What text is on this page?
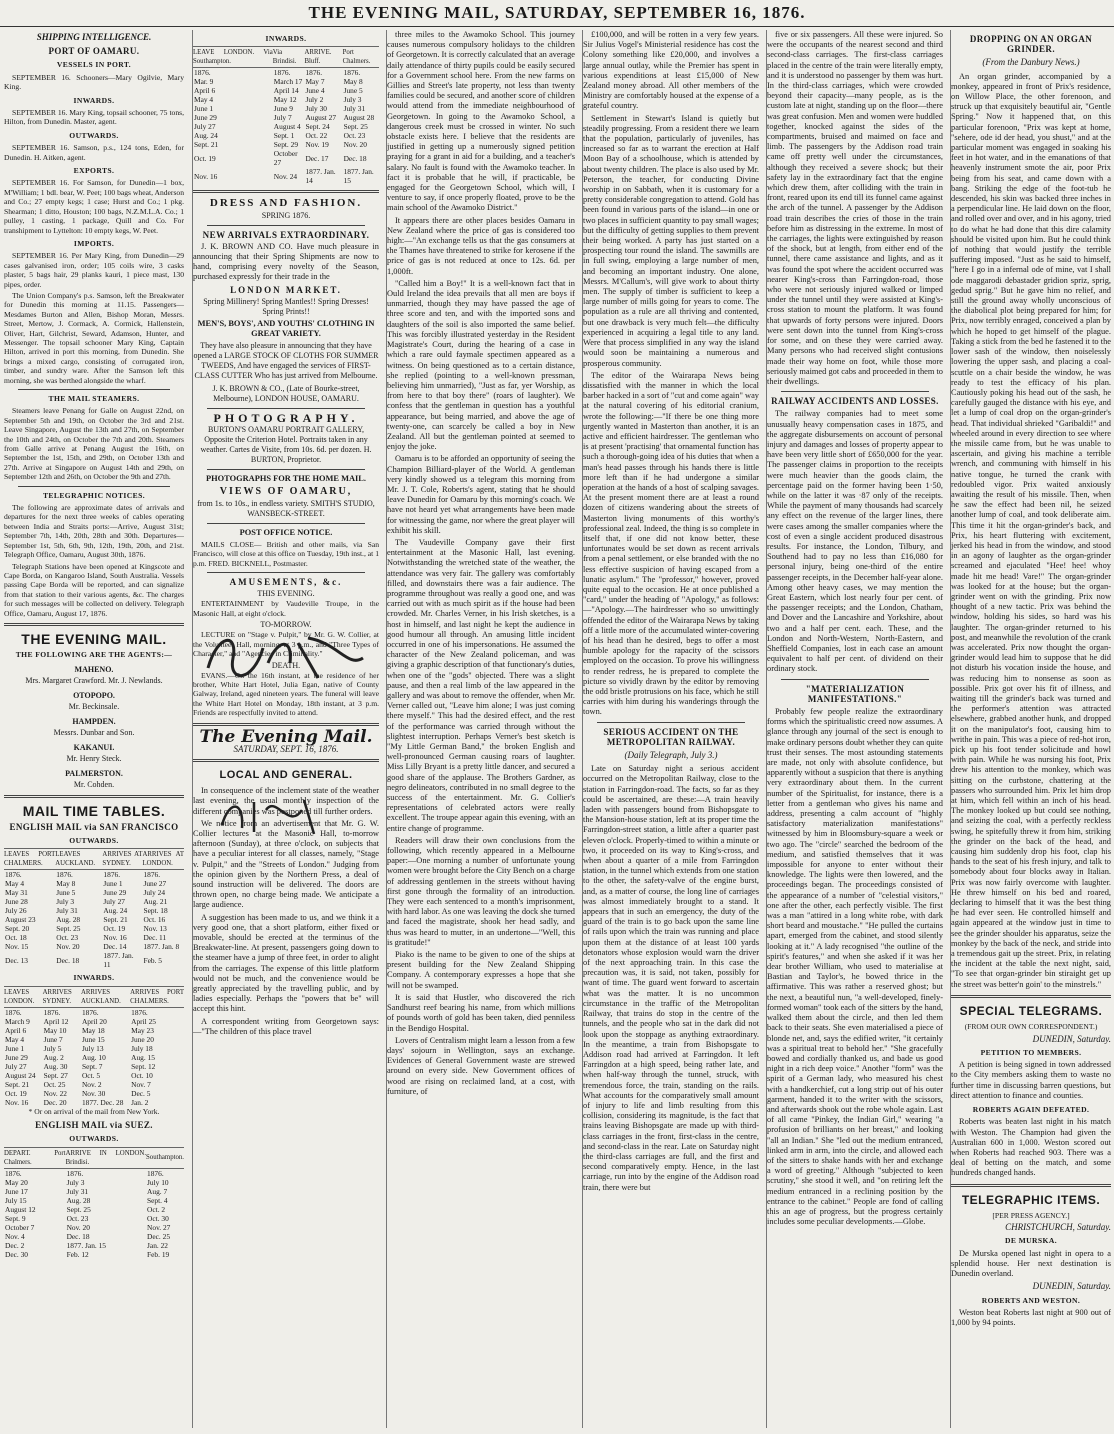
THE EVENING MAIL, SATURDAY, SEPTEMBER 16, 1876.
SHIPPING INTELLIGENCE.
PORT OF OAMARU.
VESSELS IN PORT.

SEPTEMBER 16. Schooners—Mary Ogilvie, Mary King.

INWARDS.

SEPTEMBER 16. Mary King, topsail schooner, 75 tons, Hilton, from Dunedin. Master, agent.

OUTWARDS.

SEPTEMBER 16. Samson, p.s., 124 tons, Eden, for Dunedin. H. Aitken, agent.

EXPORTS.

SEPTEMBER 16. For Samson, for Dunedin—1 box, M'William; 1 bdl. bear, W. Peet; 100 bags wheat, Anderson and Co.; 27 empty kegs; 1 case; Hurst and Co.; 1 pkg. Shearman; 1 ditto, Houston; 100 bags, N.Z.M.L.A. Co.; 1 pulley, 1 casting, 1 package, Quill and Co. For transhipment to Lyttelton: 10 empty kegs, W. Peet.

IMPORTS.

SEPTEMBER 16. Per Mary King, from Dunedin—29 cases galvanised iron, order; 105 coils wire, 3 casks plaster, 5 bags hair, 29 planks kauri, 1 piece mast, 130 pipes, order.

The Union Company's p.s. Samson, left the Breakwater for Dunedin this morning at 11.15. Passengers—Mesdames Burton and Allen, Bishop Moran, Messrs. Street, Mertow, J. Cormack, A. Cormick, Hallenstein, Oliver, Hart, Gilchrist, Seward, Adamson, Hunter, and Messenger. The topsail schooner Mary King, Captain Hilton, arrived in port this morning, from Dunedin. She brings a mixed cargo, consisting of corrugated iron, timber, and sundry ware. After the Samson left this morning, she was berthed alongside the wharf.

THE MAIL STEAMERS.

Steamers leave Penang for Galle on August 22nd, on September 5th and 19th, on October the 3rd and 21st. Leave Singapore, August the 13th and 27th, on September the 10th and 24th, on October the 7th and 20th. Steamers from Galle arrive at Penang August the 16th, on September the 1st, 15th, and 29th, on October 13th and 27th. Arrive at Singapore on August 14th and 29th, on September 12th and 26th, on October the 9th and 27th.

TELEGRAPHIC NOTICES.

The following are approximate dates of arrivals and departures for the next three weeks of cables operating between India and Straits ports:—Arrive, August 31st; September 7th, 14th, 20th, 28th and 30th. Departures—September 1st, 5th, 6th, 9th, 12th, 19th, 20th, and 21st. Telegraph Office, Oamaru, August 30th, 1876.

Telegraph Stations have been opened at Kingscote and Cape Borda, on Kangaroo Island, South Australia. Vessels passing Cape Borda will be reported, and can signalize from that station to their various agents, &c. The charges for such messages will be collected on delivery. Telegraph Office, Oamaru, August 17, 1876.

THE EVENING MAIL.
THE FOLLOWING ARE THE AGENTS:—
MAHENO.
Mrs. Margaret Crawford. Mr. J. Newlands.
OTOPOPO.
Mr. Beckinsale.
HAMPDEN.
Messrs. Dunbar and Son.
KAKANUI.
Mr. Henry Steck.
PALMERSTON.
Mr. Cohden.
MAIL TIME TABLES.
ENGLISH MAIL via SAN FRANCISCO
OUTWARDS.
LEAVES PORT CHALMERS.	LEAVES AUCKLAND.	ARRIVES AT SYDNEY.	ARRIVES AT LONDON.
1876.	1876.	1876.	1876.
May 4	May 8	June 1	June 27
May 31	June 5	June 29	July 24
June 28	July 3	July 27	Aug. 21
July 26	July 31	Aug. 24	Sept. 18
August 23	Aug. 28	Sept. 21	Oct. 16
Sept. 20	Sept. 25	Oct. 19	Nov. 13
Oct. 18	Oct. 23	Nov. 16	Dec. 11
Nov. 15	Nov. 20	Dec. 14	1877. Jan. 8
Dec. 13	Dec. 18	1877. Jan. 11	Feb. 5
INWARDS.
LEAVES LONDON.	ARRIVES SYDNEY.	ARRIVES AUCKLAND.	ARRIVES PORT CHALMERS.
1876.	1876.	1876.	1876.
March 9	April 12	April 20	April 25
April 6	May 10	May 18	May 23
May 4	June 7	June 15	June 20
June 1	July 5	July 13	July 18
June 29	Aug. 2	Aug. 10	Aug. 15
July 27	Aug. 30	Sept. 7	Sept. 12
August 24	Sept. 27	Oct. 5	Oct. 10
Sept. 21	Oct. 25	Nov. 2	Nov. 7
Oct. 19	Nov. 22	Nov. 30	Dec. 5
Nov. 16	Dec. 20	1877. Dec. 28	Jan. 2
* Or on arrival of the mail from New York.
ENGLISH MAIL via SUEZ.
OUTWARDS.
DEPART. Port Chalmers.	ARRIVE IN LONDON. Brindisi.	Southampton.
1876.	1876.	1876.
May 20	July 3	July 10
June 17	July 31	Aug. 7
July 15	Aug. 28	Sept. 4
August 12	Sept. 25	Oct. 2
Sept. 9	Oct. 23	Oct. 30
October 7	Nov. 20	Nov. 27
Nov. 4	Dec. 18	Dec. 25
Dec. 2	1877. Jan. 15	Jan. 22
Dec. 30	Feb. 12	Feb. 19
INWARDS.
LEAVE LONDON. Via Southampton.	Via Brindisi.	ARRIVE. Bluff.	Port Chalmers.
1876.	1876.	1876.	1876.
Mar. 9	March 17	May 7	May 8
April 6	April 14	June 4	June 5
May 4	May 12	July 2	July 3
June 1	June 9	July 30	July 31
June 29	July 7	August 27	August 28
July 27	August 4	Sept. 24	Sept. 25
Aug. 24	Sept. 1	Oct. 22	Oct. 23
Sept. 21	Sept. 29	Nov. 19	Nov. 20
Oct. 19	October 27	Dec. 17	Dec. 18
Nov. 16	Nov. 24	1877. Jan. 14	1877. Jan. 15
DRESS AND FASHION.
SPRING 1876.
NEW ARRIVALS EXTRAORDINARY.

J. K. BROWN AND CO. Have much pleasure in announcing that their Spring Shipments are now to hand, comprising every novelty of the Season, purchased expressly for their trade in the

LONDON MARKET.
Spring Millinery! Spring Mantles!! Spring Dresses! Spring Prints!!
MEN'S, BOYS', AND YOUTHS' CLOTHING IN GREAT VARIETY.
They have also pleasure in announcing that they have opened a LARGE STOCK OF CLOTHS FOR SUMMER TWEEDS, And have engaged the services of FIRST-CLASS CUTTER Who has just arrived from Melbourne.
J. K. BROWN & CO., (Late of Bourke-street, Melbourne), LONDON HOUSE, OAMARU.
PHOTOGRAPHY.
BURTON'S OAMARU PORTRAIT GALLERY, Opposite the Criterion Hotel. Portraits taken in any weather. Cartes de Visite, from 10s. 6d. per dozen. H. BURTON, Proprietor.
PHOTOGRAPHS FOR THE HOME MAIL.
VIEWS OF OAMARU,
from 1s. to 10s., in endless variety. SMITH'S STUDIO, WANSBECK-STREET.
POST OFFICE NOTICE.

MAILS CLOSE— British and other mails, via San Francisco, will close at this office on Tuesday, 19th inst., at 1 p.m. FRED. BICKNELL, Postmaster.

AMUSEMENTS, &c.
THIS EVENING.

ENTERTAINMENT by Vaudeville Troupe, in the Masonic Hall, at eight o'clock.

TO-MORROW.

LECTURE on "Stage v. Pulpit," by Mr. G. W. Collier, at the Volunteer Hall, morning, at 3 p.m., and "Three Types of Character," and "Agencies in Criminality."

DEATH.

EVANS.—On the 16th instant, at the residence of her brother, White Hart Hotel, Julia Egan, native of County Galway, Ireland, aged nineteen years. The funeral will leave the White Hart Hotel on Monday, 18th instant, at 3 p.m. Friends are respectfully invited to attend.

The Evening Mail.
SATURDAY, SEPT. 16, 1876.
LOCAL AND GENERAL.

In consequence of the inclement state of the weather last evening, the usual monthly inspection of the different companies was postponed till further orders.

We notice from an advertisement that Mr. G. W. Collier lectures at the Masonic Hall, to-morrow afternoon (Sunday), at three o'clock, on subjects that have a peculiar interest for all classes, namely, "Stage v. Pulpit," and the "Streets of London." Judging from the opinion given by the Northern Press, a deal of sound instruction will be delivered. The doors are thrown open, no charge being made. We anticipate a large audience.

A suggestion has been made to us, and we think it a very good one, that a short platform, either fixed or movable, should be erected at the terminus of the Breakwater-line. At present, passengers going down to the steamer have a jump of three feet, in order to alight from the carriages. The expense of this little platform would not be much, and the convenience would be greatly appreciated by the travelling public, and by ladies especially. Perhaps the "powers that be" will accept this hint.

A correspondent writing from Georgetown says:—"The children of this place travel

three miles to the Awamoko School. This journey causes numerous compulsory holidays to the children of Georgetown. It is correctly calculated that an average daily attendance of thirty pupils could be easily secured for a Government school here. From the new farms on Gillies and Street's late property, not less than twenty families could be secured, and another score of children would attend from the immediate neighbourhood of Georgetown. In going to the Awamoko School, a dangerous creek must be crossed in winter. No such obstacle exists here. I believe that the residents are justified in getting up a numerously signed petition praying for a grant in aid for a building, and a teacher's salary. No fault is found with the Awamoko teacher. In fact it is probable that he will, if practicable, be engaged for the Georgetown School, which will, I venture to say, if once properly floated, prove to be the main school of the Awamoko District."

It appears there are other places besides Oamaru in New Zealand where the price of gas is considered too high:—"An exchange tells us that the gas consumers at the Thames have threatened to strike for kerosene if the price of gas is not reduced at once to 12s. 6d. per 1,000ft.

"Called him a Boy!" It is a well-known fact that in Ould Ireland the idea prevails that all men are boys if unmarried, though they may have passed the age of three score and ten, and with the imported sons and daughters of the soil is also imported the same belief. This was forcibly illustrated yesterday in the Resident Magistrate's Court, during the hearing of a case in which a rare ould faymale spectimen appeared as a witness. On being questioned as to a certain distance, she replied (pointing to a well-known pressman, believing him unmarried), "Just as far, yer Worship, as from here to that boy there" (roars of laughter). We confess that the gentleman in question has a youthful appearance, but being married, and above the age of twenty-one, can scarcely be called a boy in New Zealand. All but the gentleman pointed at seemed to enjoy the joke.

Oamaru is to be afforded an opportunity of seeing the Champion Billiard-player of the World. A gentleman very kindly showed us a telegram this morning from Mr. J. T. Cole, Roberts's agent, stating that he should leave Dunedin for Oamaru by this morning's coach. We have not heard yet what arrangements have been made for witnessing the game, nor where the great player will exhibit his skill.

The Vaudeville Company gave their first entertainment at the Masonic Hall, last evening. Notwithstanding the wretched state of the weather, the attendance was very fair. The gallery was comfortably filled, and downstairs there was a fair audience. The programme throughout was really a good one, and was carried out with as much spirit as if the house had been crowded. Mr. Charles Verner, in his Irish sketches, is a host in himself, and last night he kept the audience in good humour all through. An amusing little incident occurred in one of his impersonations. He assumed the character of the New Zealand policeman, and was giving a graphic description of that functionary's duties, when one of the "gods" objected. There was a slight pause, and then a real limb of the law appeared in the gallery and was about to remove the offender, when Mr. Verner called out, "Leave him alone; I was just coming there myself." This had the desired effect, and the rest of the performance was carried through without the slightest interruption. Perhaps Verner's best sketch is "My Little German Band," the broken English and well-pronounced German causing roars of laughter. Miss Lilly Bryant is a pretty little dancer, and secured a good share of the applause. The Brothers Gardner, as negro delineators, contributed in no small degree to the success of the entertainment. Mr. G. Collier's representations of celebrated actors were really excellent. The troupe appear again this evening, with an entire change of programme.

Readers will draw their own conclusions from the following, which recently appeared in a Melbourne paper:—One morning a number of unfortunate young women were brought before the City Bench on a charge of addressing gentlemen in the streets without having first gone through the formality of an introduction. They were each sentenced to a month's imprisonment, with hard labor. As one was leaving the dock she turned and faced the magistrate, shook her head sadly, and thus was heard to mutter, in an undertone—"Well, this is gratitude!"

Piako is the name to be given to one of the ships at present building for the New Zealand Shipping Company. A contemporary expresses a hope that she will not be swamped.

It is said that Hustler, who discovered the rich Sandhurst reef bearing his name, from which millions of pounds worth of gold has been taken, died penniless in the Bendigo Hospital.

Lovers of Centralism might learn a lesson from a few days' sojourn in Wellington, says an exchange. Evidences of General Government waste are strewed around on every side. New Government offices of wood are rising on reclaimed land, at a cost, with furniture, of

£100,000, and will be rotten in a very few years. Sir Julius Vogel's Ministerial residence has cost the Colony something like £20,000, and involves a large annual outlay, while the Premier has spent in various expenditions at least £15,000 of New Zealand money abroad. All other members of the Ministry are comfortably housed at the expense of a grateful country.

Settlement in Stewart's Island is quietly but steadily progressing. From a resident there we learn that the population, particularly of juveniles, has increased so far as to warrant the erection at Half Moon Bay of a schoolhouse, which is attended by about twenty children. The place is also used by Mr. Peterson, the teacher, for conducting Divine worship in on Sabbath, when it is customary for a pretty considerable congregation to attend. Gold has been found in various parts of the island—in one or two places in sufficient quantity to pay small wages; but the difficulty of getting supplies to them prevent their being worked. A party has just started on a prospecting tour round the island. The sawmills are in full swing, employing a large number of men, and becoming an important industry. One alone, Messrs. M'Callum's, will give work to about thirty men. The supply of timber is sufficient to keep a large number of mills going for years to come. The population as a rule are all thriving and contented, but one drawback is very much felt—the difficulty experienced in acquiring a legal title to any land. Were that process simplified in any way the island would soon be maintaining a numerous and prosperous community.

The editor of the Wairarapa News being dissatisfied with the manner in which the local barber hacked in a sort of "cut and come again" way at the natural covering of his editorial cranium, wrote the following:—"If there be one thing more urgently wanted in Masterton than another, it is an active and efficient hairdresser. The gentleman who is at present 'practising' that ornamental function has such a thorough-going idea of his duties that when a man's head passes through his hands there is little more left than if he had undergone a similar operation at the hands of a host of scalping savages. At the present moment there are at least a round dozen of citizens wandering about the streets of Masterton living monuments of this worthy's professional zeal. Indeed, the thing is so complete in itself that, if one did not know better, these unfortunates would be set down as recent arrivals from a penal settlement, or else branded with the no less effective suspicion of having escaped from a lunatic asylum." The "professor," however, proved quite equal to the occasion. He at once published a "card," under the heading of "Apology," as follows:—"Apology.—The hairdresser who so unwittingly offended the editor of the Wairarapa News by taking off a little more of the accumulated winter-covering of his head than he desired, begs to offer a most humble apology for the rapacity of the scissors employed on the occasion. To prove his willingness to render redress, he is prepared to complete the picture so vividly drawn by the editor by removing the odd bristle protrusions on his face, which he still carries with him during his wanderings through the town.

SERIOUS ACCIDENT ON THE METROPOLITAN RAILWAY.
(Daily Telegraph, July 3.)

Late on Saturday night a serious accident occurred on the Metropolitan Railway, close to the station in Farringdon-road. The facts, so far as they could be ascertained, are these:—A train heavily laden with passengers bound from Bishopsgate to the Mansion-house station, left at its proper time the Farringdon-street station, a little after a quarter past eleven o'clock. Properly-timed to within a minute or two, it proceeded on its way to King's-cross, and when about a quarter of a mile from Farringdon station, in the tunnel which extends from one station to the other, the safety-valve of the engine burst, and, as a matter of course, the long line of carriages was almost immediately brought to a stand. It appears that in such an emergency, the duty of the guard of the train is to go back upon the same line of rails upon which the train was running and place upon them at the distance of at least 100 yards detonators whose explosion would warn the driver of the next approaching train. In this case the precaution was, it is said, not taken, possibly for want of time. The guard went forward to ascertain what was the matter. It is no uncommon circumstance in the traffic of the Metropolitan Railway, that trains do stop in the centre of the tunnels, and the people who sat in the dark did not look upon the stoppage as anything extraordinary. In the meantime, a train from Bishopsgate to Addison road had arrived at Farringdon. It left Farringdon at a high speed, being rather late, and when half-way through the tunnel, struck, with tremendous force, the train, standing on the rails. What accounts for the comparatively small amount of injury to life and limb resulting from this collision, considering its magnitude, is the fact that trains leaving Bishopsgate are made up with third-class carriages in the front, first-class in the centre, and second-class in the rear. Late on Saturday night the third-class carriages are full, and the first and second comparatively empty. Hence, in the last carriage, run into by the engine of the Addison road train, there were but

five or six passengers. All these were injured. So were the occupants of the nearest second and third second-class carriages. The first-class carriages placed in the centre of the train were literally empty, and it is understood no passenger by them was hurt. In the third-class carriages, which were crowded beyond their capacity—many people, as is the custom late at night, standing up on the floor—there was great confusion. Men and women were huddled together, knocked against the sides of the compartments, bruised and maimed on face and limb. The passengers by the Addison road train came off pretty well under the circumstances, although they received a severe shock; but their safety lay in the extraordinary fact that the engine which drew them, after colliding with the train in front, reared upon its end till its funnel came against the arch of the tunnel. A passenger by the Addison road train describes the cries of those in the train before him as distressing in the extreme. In most of the carriages, the lights were extinguished by reason of the shock, but at length, from either end of the tunnel, there came assistance and lights, and as it was found the spot where the accident occurred was nearer King's-cross than Farringdon-road, those who were not seriously injured walked or limped under the tunnel until they were assisted at King's-cross station to mount the platform. It was found that upwards of forty persons were injured. Doors were sent down into the tunnel from King's-cross for some, and on these they were carried away. Many persons who had received slight contusions made their way home on foot, while those more seriously maimed got cabs and proceeded in them to their dwellings.

RAILWAY ACCIDENTS AND LOSSES.

The railway companies had to meet some unusually heavy compensation cases in 1875, and the aggregate disbursements on account of personal injury and damages and losses of property appear to have been very little short of £650,000 for the year. The passenger claims in proportion to the receipts were much heavier than the goods claim, the percentage paid on the former having been 1·50, while on the latter it was ·87 only of the receipts. While the payment of many thousands had scarcely any effect on the revenue of the larger lines, there were cases among the smaller companies where the cost of even a single accident produced disastrous results. For instance, the London, Tilbury, and Southend had to pay no less than £16,080 for personal injury, being one-third of the entire passenger receipts, in the December half-year alone. Among other heavy cases, we may mention the Great Eastern, which lost nearly four per cent. of the passenger receipts; and the London, Chatham, and Dover and the Lancashire and Yorkshire, about two and a half per cent. each. These, and the London and North-Western, North-Eastern, and Sheffield Companies, lost in each case an amount equivalent to half per cent. of dividend on their ordinary stock.

"MATERIALIZATION MANIFESTATIONS."

Probably few people realize the extraordinary forms which the spiritualistic creed now assumes. A glance through any journal of the sect is enough to make ordinary persons doubt whether they can quite trust their senses. The most astounding statements are made, not only with absolute confidence, but apparently without a suspicion that there is anything very extraordinary about them. In the current number of the Spiritualist, for instance, there is a letter from a gentleman who gives his name and address, presenting a calm account of "highly satisfactory materialization manifestations" witnessed by him in Bloomsbury-square a week or two ago. The "circle" searched the bedroom of the medium, and satisfied themselves that it was impossible for anyone to enter without their knowledge. The lights were then lowered, and the proceedings began. The proceedings consisted of the appearance of a number of "celestial visitors," one after the other, each perfectly visible. The first was a man "attired in a long white robe, with dark short beard and moustache." "He pulled the curtains apart, emerged from the cabinet, and stood silently looking at it." A lady recognised "the outline of the spirit's features," and when she asked if it was her dear brother William, who used to materialise at Bastian and Taylor's, he bowed thrice in the affirmative. This was rather a reserved ghost; but the next, a beautiful nun, "a well-developed, finely-formed woman" took each of the sitters by the hand, walked them about the circle, and then led them back to their seats. She even materialised a piece of blonde net, and, says the edified writer, "it certainly was a spiritual treat to behold her." "She gracefully bowed and cordially thanked us, and bade us good night in a rich deep voice." Another "form" was the spirit of a German lady, who measured his chest with a handkerchief, cut a long strip out of his outer garment, handed it to the writer with the scissors, and afterwards shook out the robe whole again. Last of all came "Pinkey, the Indian Girl," wearing "a profusion of brilliants on her breast," and looking "all an Indian." She "led out the medium entranced, linked arm in arm, into the circle, and allowed each of the sitters to shake hands with her and exchange a word of greeting." Although "subjected to keen scrutiny," she stood it well, and "on retiring left the medium entranced in a reclining position by the entrance to the cabinet." People are fond of calling this an age of progress, but the progress certainly includes some peculiar developments.—Globe.

DROPPING ON AN ORGAN GRINDER.
(From the Danbury News.)

An organ grinder, accompanied by a monkey, appeared in front of Prix's residence, on Willow Place, the other forenoon, and struck up that exquisitely beautiful air, "Gentle Spring." Now it happened that, on this particular forenoon, "Prix was kept at home, "sehere, ode id der head, you shust," and at the particular moment was engaged in soaking his feet in hot water, and in the emanations of that heavenly instrument smote the air, poor Prix being from his seat, and came down with a bang. Striking the edge of the foot-tub he descended, his skin was backed three inches in a perpendicular line. He laid down on the floor, and rolled over and over, and in his agony, tried to do what he had done that this dire calamity should be visited upon him. But he could think of nothing that would justify the terrible suffering imposed. "Just as he said to himself, "here I go in a infernal ode of mine, vat I shall ode maggarodi debastader gridion spriz, sprig, gedud sprig." But he gave him no relief, and still the ground away wholly unconscious of the diabolical plot being prepared for him; for Prix, now terribly enraged, conceived a plan by which he hoped to get himself of the plague. Taking a stick from the bed he fastened it to the lower sash of the window, then noiselessly lowering the upper sash, and placing a coal-scuttle on a chair beside the window, he was ready to test the efficacy of his plan. Cautiously poking his head out of the sash, he carefully gauged the distance with his eye, and let a lump of coal drop on the organ-grinder's head. That individual shrieked "Garibaldi!" and wheeled around in every direction to see where the missile came from, but he was unable to ascertain, and giving his machine a terrible wrench, and communing with himself in his native tongue, he turned the crank with redoubled vigor. Prix waited anxiously awaiting the result of his missile. Then, when he saw the effect had been nil, he seized another lump of coal, and took deliberate aim. This time it hit the organ-grinder's back, and Prix, his heart fluttering with excitement, jerked his head in from the window, and stood in an agony of laughter as the organ-grinder screamed and ejaculated "Hee! hee! whoy made hit me head! Vare!" The organ-grinder was looked for at the house; but the organ-grinder went on with the grinding. Prix now thought of a new tactic. Prix was behind the window, holding his sides, so hard was his laughter. The organ-grinder returned to his post, and meanwhile the revolution of the crank was accelerated. Prix now thought the organ-grinder would lead him to suppose that he did not disturb his vocation inside the house, and was reducing him to nonsense as soon as possible. Prix got over his fit of illness, and waiting till the grinder's back was turned and the performer's attention was attracted elsewhere, grabbed another hunk, and dropped it on the manipulator's foot, causing him to writhe in pain. This was a piece of red-hot iron, pick up his foot tender solicitude and howl with pain. While he was nursing his foot, Prix drew his attention to the monkey, which was sitting on the curbstone, chattering at the passers who surrounded him. Prix let him drop at him, which fell within an inch of his head. The monkey looked up but could see nothing, and seizing the coal, with a perfectly reckless swing, he spitefully threw it from him, striking the grinder on the back of the head, and causing him suddenly drop his foot, clap his hands to the seat of his fresh injury, and talk to somebody about four blocks away in Italian. Prix was now fairly overcome with laughter. He threw himself on his bed and roared, declaring to himself that it was the best thing he had ever seen. He controlled himself and again appeared at the window just in time to see the grinder shoulder his apparatus, seize the monkey by the back of the neck, and stride into a tremendous gait up the street. Prix, in relating the incident at the table the next night, said, "To see that organ-grinder bin stiraight get up the street was better'n goin' to the minstrels."

SPECIAL TELEGRAMS.
(FROM OUR OWN CORRESPONDENT.)
DUNEDIN, Saturday.
PETITION TO MEMBERS.

A petition is being signed in town addressed to the City members asking them to waste no further time in discussing barren questions, but direct attention to finance and counties.

ROBERTS AGAIN DEFEATED.

Roberts was beaten last night in his match with Weston. The Champion had given the Australian 600 in 1,000. Weston scored out when Roberts had reached 903. There was a deal of betting on the match, and some hundreds changed hands.

TELEGRAPHIC ITEMS.
[PER PRESS AGENCY.]
CHRISTCHURCH, Saturday.
DE MURSKA.

De Murska opened last night in opera to a splendid house. Her next destination is Dunedin overland.

DUNEDIN, Saturday.
ROBERTS AND WESTON.

Weston beat Roberts last night at 900 out of 1,000 by 94 points.
